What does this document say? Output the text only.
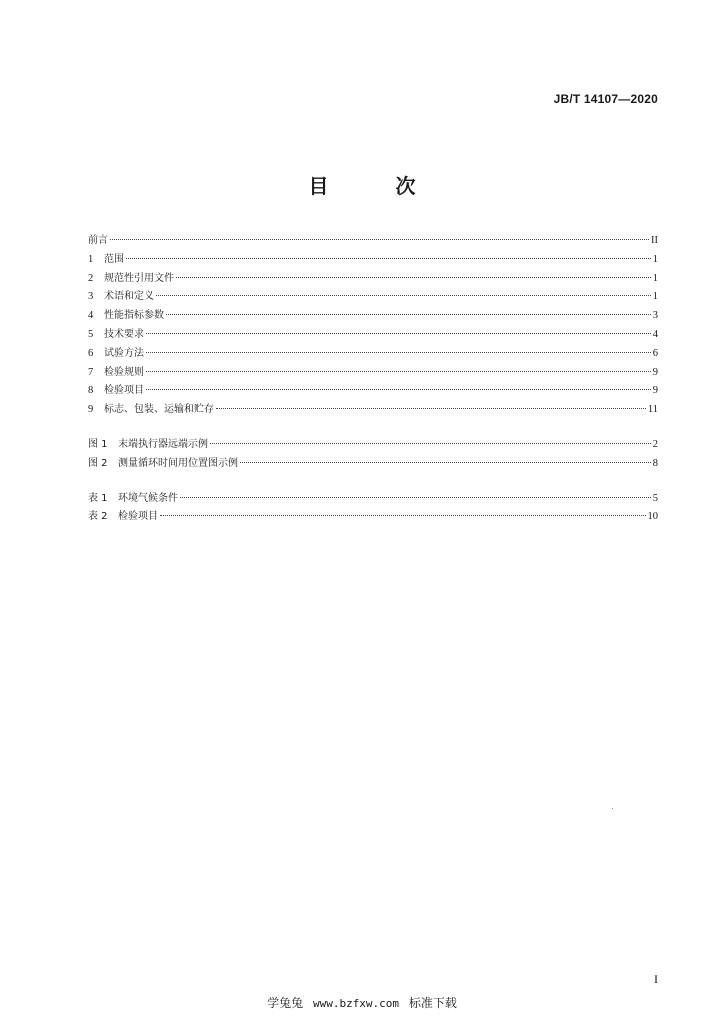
JB/T 14107—2020
目 次
前言	II
1	范围	1
2	规范性引用文件	1
3	术语和定义	1
4	性能指标参数	3
5	技术要求	4
6	试验方法	6
7	检验规则	9
8	检验项目	9
9	标志、包装、运输和贮存	11
图 1	末端执行器远端示例	2
图 2	测量循环时间用位置图示例	8
表 1	环境气候条件	5
表 2	检验项目	10
I
学兔兔 www.bzfxw.com 标准下载
